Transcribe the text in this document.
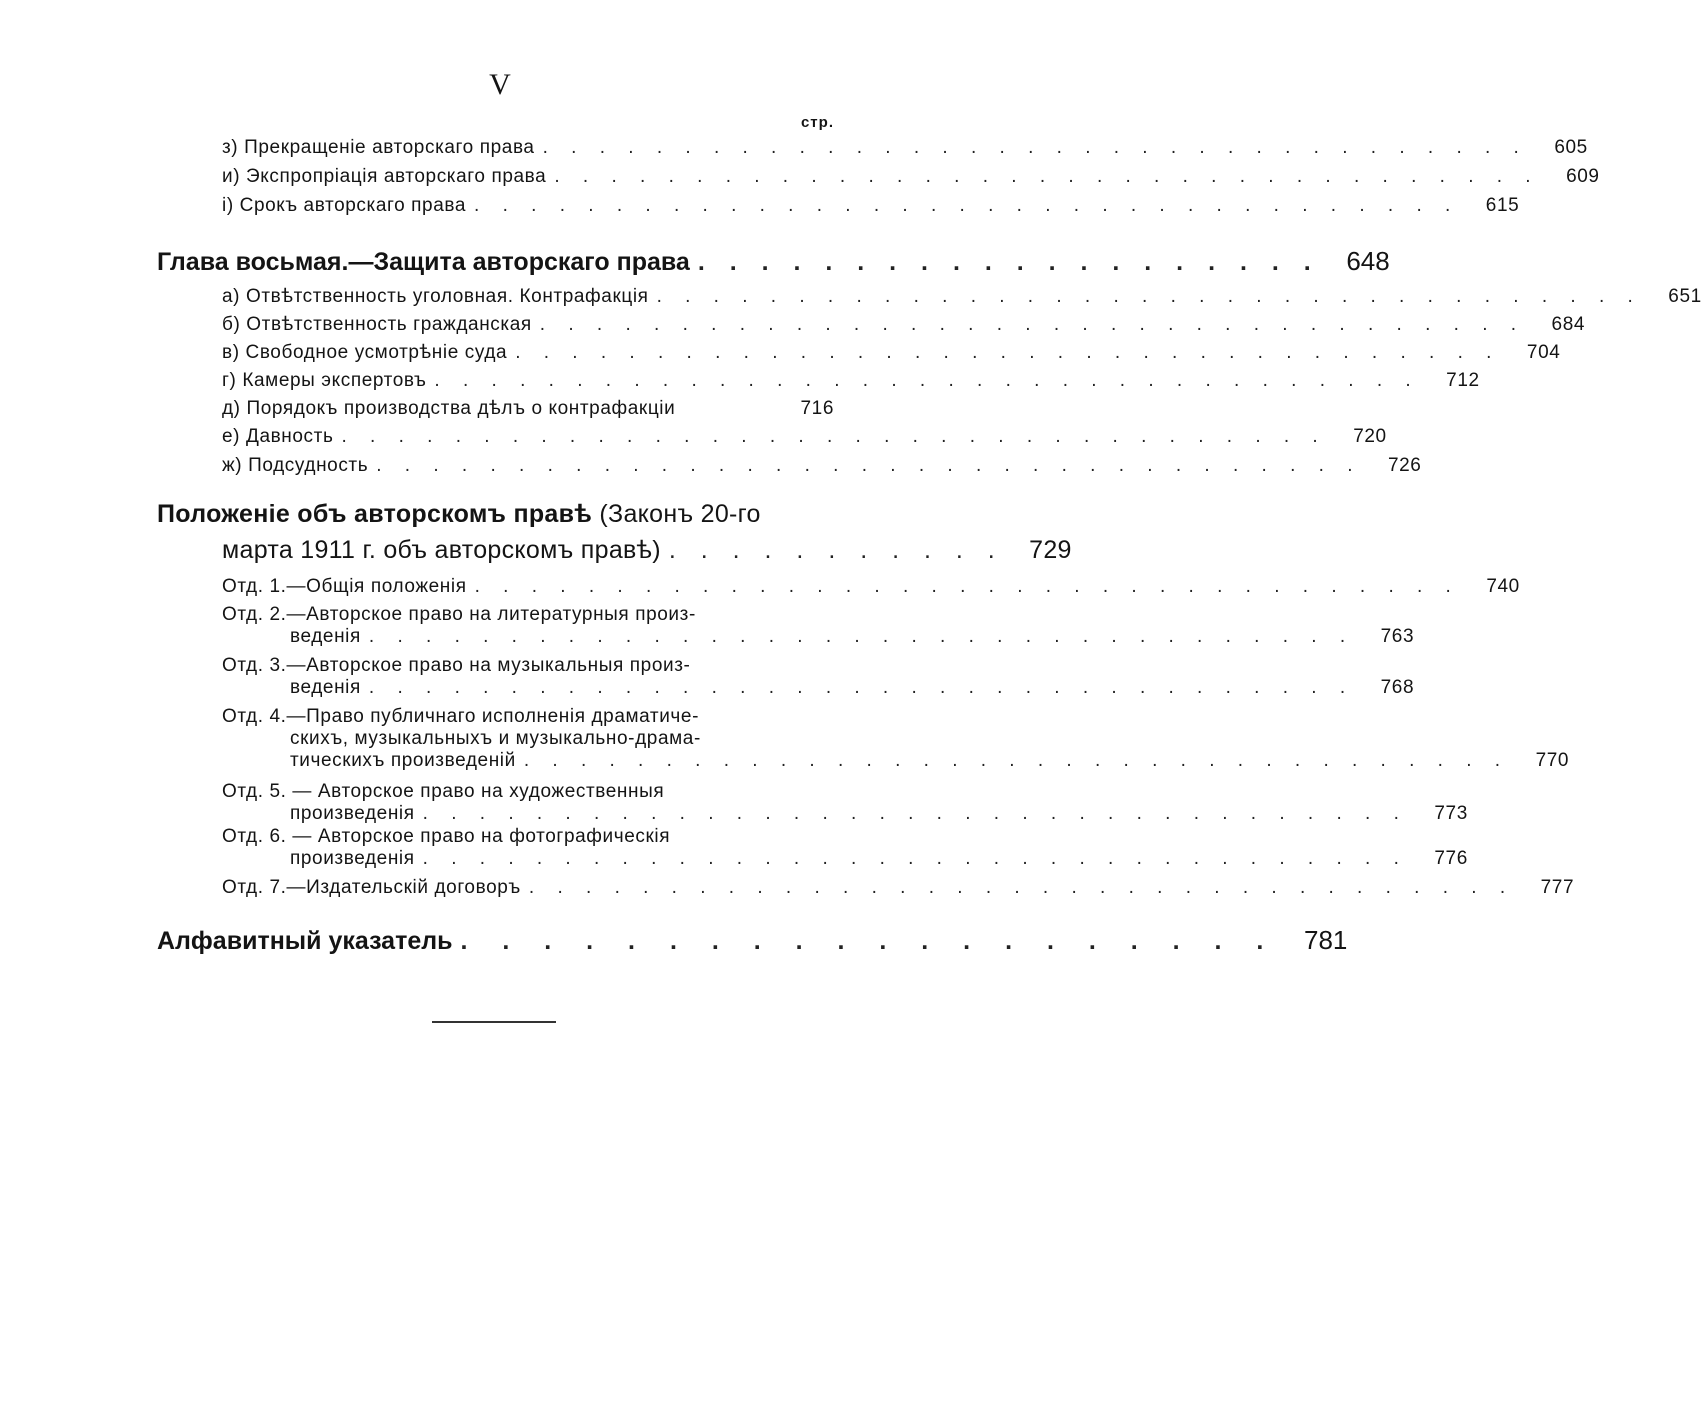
V
стр.
з) Прекращеніе авторскаго права . . . . . . . . . . . . . . . . . . . . . . . . . . . . . . . . . . .	605
и) Экспропріація авторскаго права . . . . . . . . . . . . . . . . . . . . . . . . . . . . . . . . . . .	609
і) Срокъ авторскаго права . . . . . . . . . . . . . . . . . . . . . . . . . . . . . . . . . . .	615
Глава восьмая.—Защита авторскаго права . . . . . . . . . . . . . . . . . . . .	648
а) Отвѣтственность уголовная. Контрафакція . . . . . . . . . . . . . . . . . . . . . . . . . . . . . . . . . . .	651
б) Отвѣтственность гражданская . . . . . . . . . . . . . . . . . . . . . . . . . . . . . . . . . . .	684
в) Свободное усмотрѣніе суда . . . . . . . . . . . . . . . . . . . . . . . . . . . . . . . . . . .	704
г) Камеры экспертовъ . . . . . . . . . . . . . . . . . . . . . . . . . . . . . . . . . . .	712
д) Порядокъ производства дѣлъ о контрафакціи	716
е) Давность . . . . . . . . . . . . . . . . . . . . . . . . . . . . . . . . . . .	720
ж) Подсудность . . . . . . . . . . . . . . . . . . . . . . . . . . . . . . . . . . .	726
Положеніе объ авторскомъ правѣ (Законъ 20-го
марта 1911 г. объ авторскомъ правѣ) . . . . . . . . . . .	729
Отд. 1.—Общія положенія . . . . . . . . . . . . . . . . . . . . . . . . . . . . . . . . . . .	740
Отд. 2.—Авторское право на литературныя произ-
веденія . . . . . . . . . . . . . . . . . . . . . . . . . . . . . . . . . . .	763
Отд. 3.—Авторское право на музыкальныя произ-
веденія . . . . . . . . . . . . . . . . . . . . . . . . . . . . . . . . . . .	768
Отд. 4.—Право публичнаго исполненія драматиче-
скихъ, музыкальныхъ и музыкально-драма-
тическихъ произведеній . . . . . . . . . . . . . . . . . . . . . . . . . . . . . . . . . . .	770
Отд. 5. — Авторское право на художественныя
произведенія . . . . . . . . . . . . . . . . . . . . . . . . . . . . . . . . . . .	773
Отд. 6. — Авторское право на фотографическія
произведенія . . . . . . . . . . . . . . . . . . . . . . . . . . . . . . . . . . .	776
Отд. 7.—Издательскій договоръ . . . . . . . . . . . . . . . . . . . . . . . . . . . . . . . . . . .	777
Алфавитный указатель . . . . . . . . . . . . . . . . . . . .	781
